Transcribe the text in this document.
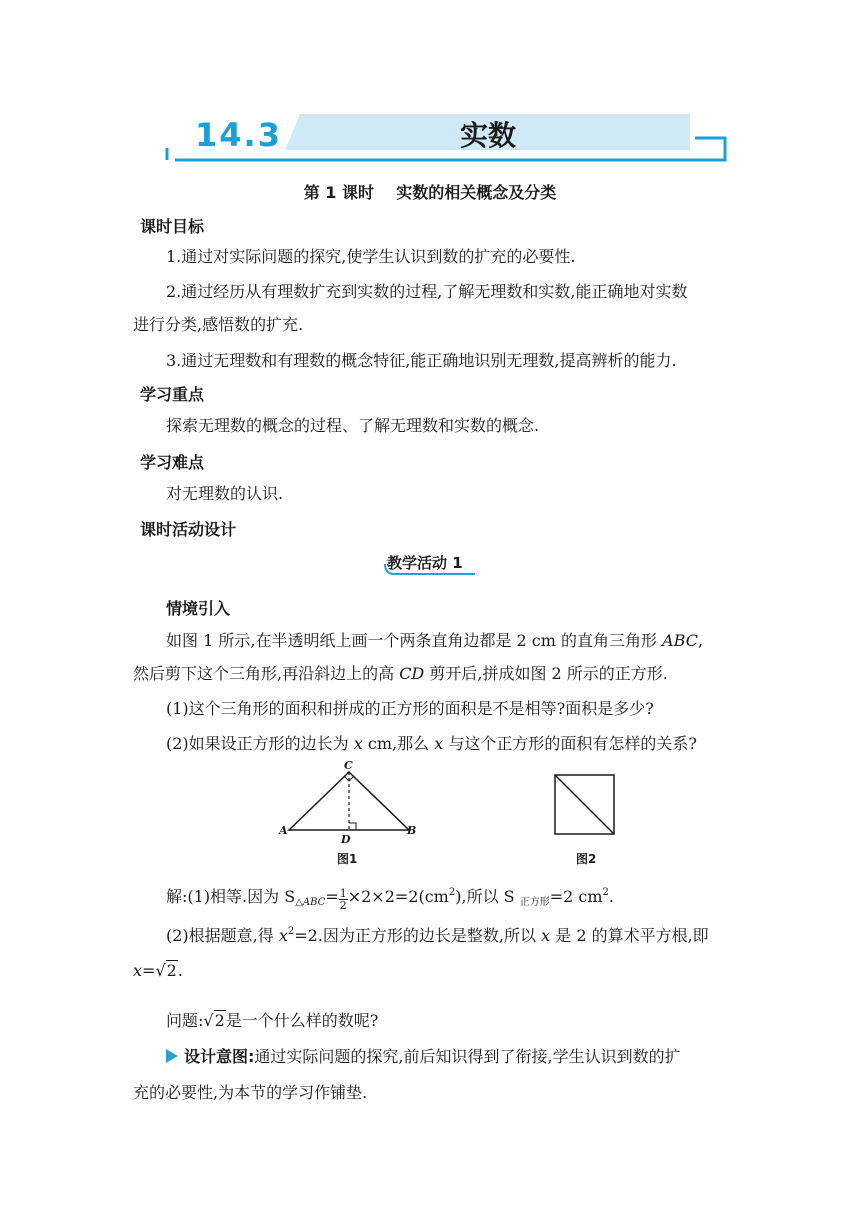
14.3	实数
第 1 课时    实数的相关概念及分类
课时目标
1.通过对实际问题的探究,使学生认识到数的扩充的必要性.
2.通过经历从有理数扩充到实数的过程,了解无理数和实数,能正确地对实数
进行分类,感悟数的扩充.
3.通过无理数和有理数的概念特征,能正确地识别无理数,提高辨析的能力.
学习重点
探索无理数的概念的过程、了解无理数和实数的概念.
学习难点
对无理数的认识.
课时活动设计
教学活动 1
情境引入
如图 1 所示,在半透明纸上画一个两条直角边都是 2 cm 的直角三角形 ABC,
然后剪下这个三角形,再沿斜边上的高 CD 剪开后,拼成如图 2 所示的正方形.
(1)这个三角形的面积和拼成的正方形的面积是不是相等?面积是多少?
(2)如果设正方形的边长为 x cm,那么 x 与这个正方形的面积有怎样的关系?
A	B
C
D
图1	图2
解:(1)相等.因为 $S_{\triangle ABC}= \frac{1}{2} \times 2\times 2=2(cm^2)$,所以 S $_{正方形}$=2 $cm^2$.
(2)根据题意,得 $x^2=2$.因为正方形的边长是整数,所以 x 是 2 的算术平方根,即
x=√2.
问题:√2是一个什么样的数呢?
设计意图:通过实际问题的探究,前后知识得到了衔接,学生认识到数的扩
充的必要性,为本节的学习作铺垫.
